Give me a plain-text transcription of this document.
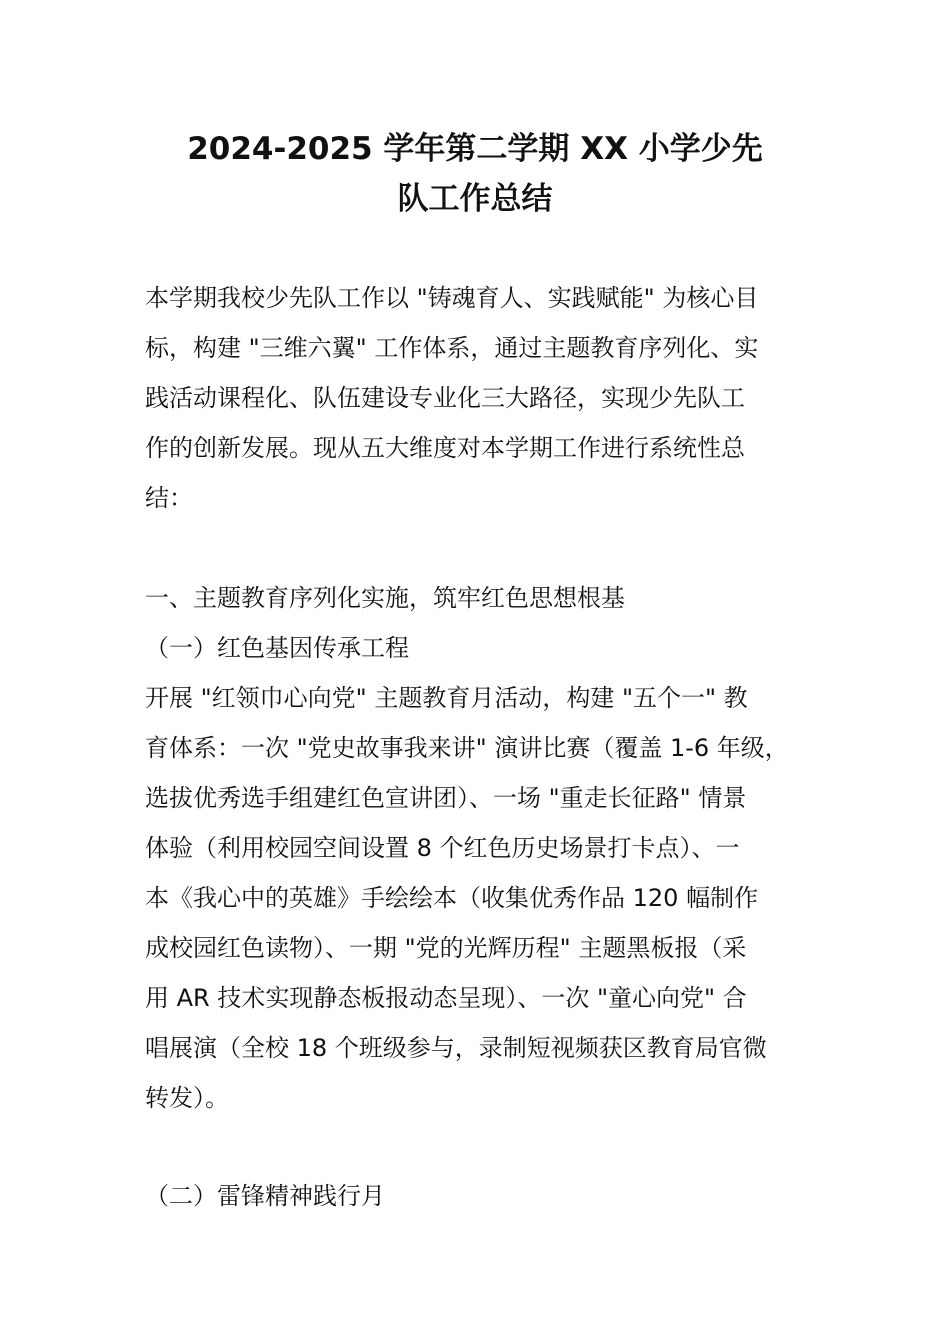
2024-2025 学年第二学期 XX 小学少先
队工作总结

本学期我校少先队工作以 "铸魂育人、实践赋能" 为核心目
标，构建 "三维六翼" 工作体系，通过主题教育序列化、实
践活动课程化、队伍建设专业化三大路径，实现少先队工
作的创新发展。现从五大维度对本学期工作进行系统性总
结：

一、主题教育序列化实施，筑牢红色思想根基

（一）红色基因传承工程

开展 "红领巾心向党" 主题教育月活动，构建 "五个一" 教
育体系：一次 "党史故事我来讲" 演讲比赛（覆盖 1-6 年级，
选拔优秀选手组建红色宣讲团）、一场 "重走长征路" 情景
体验（利用校园空间设置 8 个红色历史场景打卡点）、一
本《我心中的英雄》手绘绘本（收集优秀作品 120 幅制作
成校园红色读物）、一期 "党的光辉历程" 主题黑板报（采
用 AR 技术实现静态板报动态呈现）、一次 "童心向党" 合
唱展演（全校 18 个班级参与，录制短视频获区教育局官微
转发）。

（二）雷锋精神践行月
